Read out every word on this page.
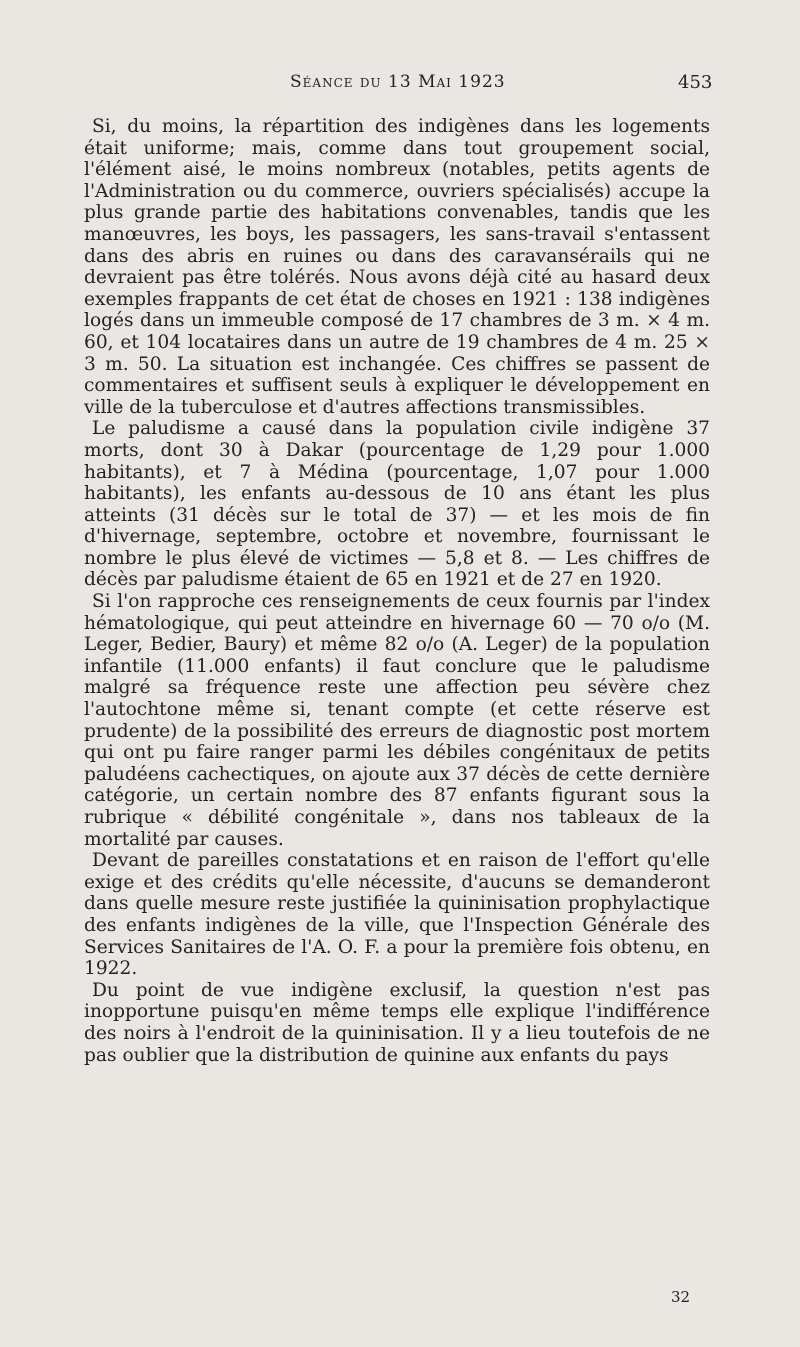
Séance du 13 Mai 1923	453

Si, du moins, la répartition des indigènes dans les logements était uniforme; mais, comme dans tout groupement social, l'élément aisé, le moins nombreux (notables, petits agents de l'Administration ou du commerce, ouvriers spécialisés) accupe la plus grande partie des habitations convenables, tandis que les manœuvres, les boys, les passagers, les sans-travail s'entassent dans des abris en ruines ou dans des caravansérails qui ne devraient pas être tolérés. Nous avons déjà cité au hasard deux exemples frappants de cet état de choses en 1921 : 138 indigènes logés dans un immeuble composé de 17 chambres de 3 m. × 4 m. 60, et 104 locataires dans un autre de 19 chambres de 4 m. 25 × 3 m. 50. La situation est inchangée. Ces chiffres se passent de commentaires et suffisent seuls à expliquer le développement en ville de la tuberculose et d'autres affections transmissibles.

Le paludisme a causé dans la population civile indigène 37 morts, dont 30 à Dakar (pourcentage de 1,29 pour 1.000 habitants), et 7 à Médina (pourcentage, 1,07 pour 1.000 habitants), les enfants au-dessous de 10 ans étant les plus atteints (31 décès sur le total de 37) — et les mois de fin d'hivernage, septembre, octobre et novembre, fournissant le nombre le plus élevé de victimes — 5,8 et 8. — Les chiffres de décès par paludisme étaient de 65 en 1921 et de 27 en 1920.

Si l'on rapproche ces renseignements de ceux fournis par l'index hématologique, qui peut atteindre en hivernage 60 — 70 o/o (M. Leger, Bedier, Baury) et même 82 o/o (A. Leger) de la population infantile (11.000 enfants) il faut conclure que le paludisme malgré sa fréquence reste une affection peu sévère chez l'autochtone même si, tenant compte (et cette réserve est prudente) de la possibilité des erreurs de diagnostic post mortem qui ont pu faire ranger parmi les débiles congénitaux de petits paludéens cachectiques, on ajoute aux 37 décès de cette dernière catégorie, un certain nombre des 87 enfants figurant sous la rubrique « débilité congénitale », dans nos tableaux de la mortalité par causes.

Devant de pareilles constatations et en raison de l'effort qu'elle exige et des crédits qu'elle nécessite, d'aucuns se demanderont dans quelle mesure reste justifiée la quininisation prophylactique des enfants indigènes de la ville, que l'Inspection Générale des Services Sanitaires de l'A. O. F. a pour la première fois obtenu, en 1922.

Du point de vue indigène exclusif, la question n'est pas inopportune puisqu'en même temps elle explique l'indifférence des noirs à l'endroit de la quininisation. Il y a lieu toutefois de ne pas oublier que la distribution de quinine aux enfants du pays

32
